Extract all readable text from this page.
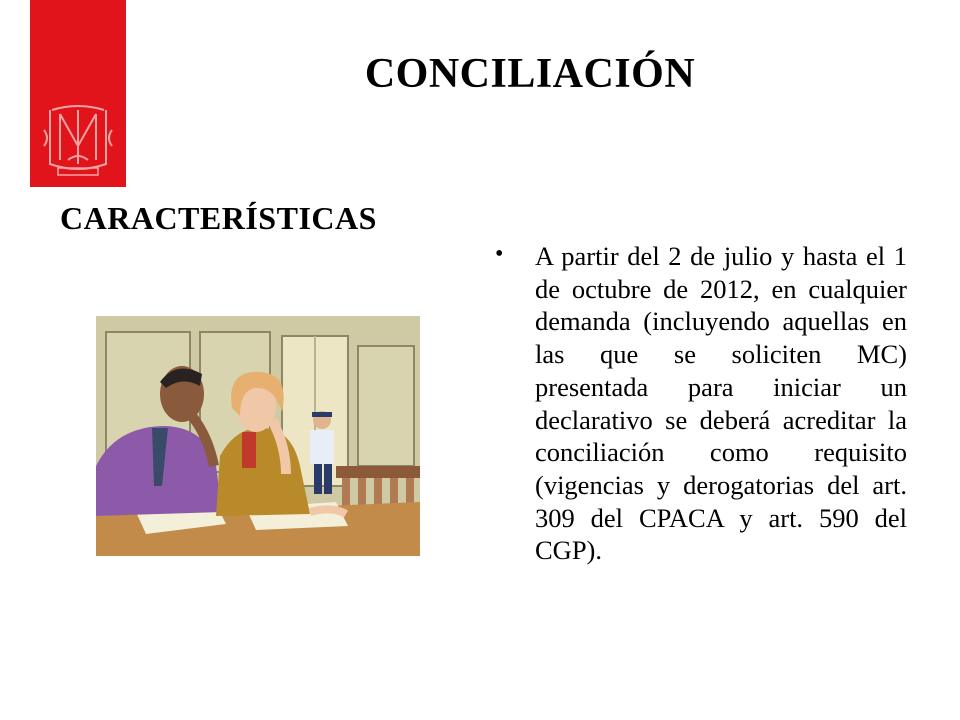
CONCILIACIÓN
CARACTERÍSTICAS
• A partir del 2 de julio y hasta el 1 de octubre de 2012, en cualquier demanda (incluyendo aquellas en las que se soliciten MC) presentada para iniciar un declarativo se deberá acreditar la conciliación como requisito (vigencias y derogatorias del art. 309 del CPACA y art. 590 del CGP).
